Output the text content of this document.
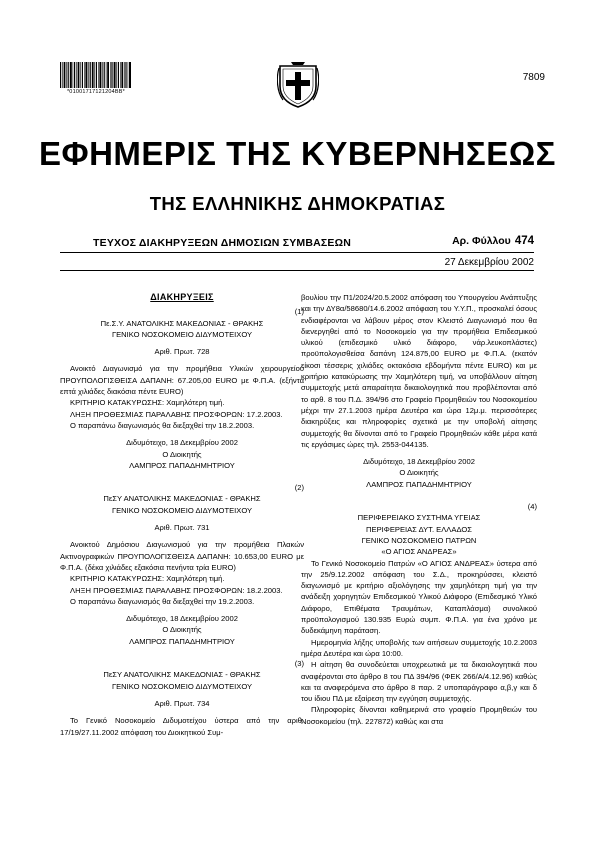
*01001717121204BB*
7809
ΕΦΗΜΕΡΙΣ ΤΗΣ ΚΥΒΕΡΝΗΣΕΩΣ
ΤΗΣ ΕΛΛΗΝΙΚΗΣ ΔΗΜΟΚΡΑΤΙΑΣ
ΤΕΥΧΟΣ ΔΙΑΚΗΡΥΞΕΩΝ ΔΗΜΟΣΙΩΝ ΣΥΜΒΑΣΕΩΝ	Αρ. Φύλλου 474
27 Δεκεμβρίου 2002

ΔΙΑΚΗΡΥΞΕΙΣ

(1)

Πε.Σ.Υ. ΑΝΑΤΟΛΙΚΗΣ ΜΑΚΕΔΟΝΙΑΣ - ΘΡΑΚΗΣ

ΓΕΝΙΚΟ ΝΟΣΟΚΟΜΕΙΟ ΔΙΔΥΜΟΤΕΙΧΟΥ

Αριθ. Πρωτ. 728

Ανοικτό Διαγωνισμό για την προμήθεια Υλικών χειρουργείου ΠΡΟΥΠΟΛΟΓΙΣΘΕΙΣΑ ΔΑΠΑΝΗ: 67.205,00 EURO με Φ.Π.Α. (εξήντα επτά χιλιάδες διακόσια πέντε EURO)

ΚΡΙΤΗΡΙΟ ΚΑΤΑΚΥΡΩΣΗΣ: Χαμηλότερη τιμή.

ΛΗΞΗ ΠΡΟΘΕΣΜΙΑΣ ΠΑΡΑΛΑΒΗΣ ΠΡΟΣΦΟΡΩΝ: 17.2.2003.

Ο παραπάνω διαγωνισμός θα διεξαχθεί την 18.2.2003.

Διδυμότειχο, 18 Δεκεμβρίου 2002

Ο Διοικητής

ΛΑΜΠΡΟΣ ΠΑΠΑΔΗΜΗΤΡΙΟΥ

(2)

ΠεΣΥ ΑΝΑΤΟΛΙΚΗΣ ΜΑΚΕΔΟΝΙΑΣ - ΘΡΑΚΗΣ

ΓΕΝΙΚΟ ΝΟΣΟΚΟΜΕΙΟ ΔΙΔΥΜΟΤΕΙΧΟΥ

Αριθ. Πρωτ. 731

Ανοικτού Δημόσιου Διαγωνισμού για την προμήθεια Πλακών Ακτινογραφικών ΠΡΟΥΠΟΛΟΓΙΣΘΕΙΣΑ ΔΑΠΑΝΗ: 10.653,00 EURO με Φ.Π.Α. (δέκα χιλιάδες εξακόσια πενήντα τρία EURO)

ΚΡΙΤΗΡΙΟ ΚΑΤΑΚΥΡΩΣΗΣ: Χαμηλότερη τιμή.

ΛΗΞΗ ΠΡΟΘΕΣΜΙΑΣ ΠΑΡΑΛΑΒΗΣ ΠΡΟΣΦΟΡΩΝ: 18.2.2003.

Ο παραπάνω διαγωνισμός θα διεξαχθεί την 19.2.2003.

Διδυμότειχο, 18 Δεκεμβρίου 2002

Ο Διοικητής

ΛΑΜΠΡΟΣ ΠΑΠΑΔΗΜΗΤΡΙΟΥ

(3)

ΠεΣΥ ΑΝΑΤΟΛΙΚΗΣ ΜΑΚΕΔΟΝΙΑΣ - ΘΡΑΚΗΣ

ΓΕΝΙΚΟ ΝΟΣΟΚΟΜΕΙΟ ΔΙΔΥΜΟΤΕΙΧΟΥ

Αριθ. Πρωτ. 734

Το Γενικό Νοσοκομείο Διδυμοτείχου ύστερα από την αριθ. 17/19/27.11.2002 απόφαση του Διοικητικού Συμ-

βουλίου την Π1/2024/20.5.2002 απόφαση του Υπουργείου Ανάπτυξης και την ΔΥ8α/58680/14.6.2002 απόφαση του Υ.Υ.Π., προσκαλεί όσους ενδιαφέρονται να λάβουν μέρος στον Κλειστό Διαγωνισμό που θα διενεργηθεί από το Νοσοκομείο για την προμήθεια Επιδεσμικού υλικού (επιδεσμικό υλικό διάφορο, νάρ.λευκοπλάστες) προϋπολογισθείσα δαπάνη 124.875,00 EURO με Φ.Π.Α. (εκατόν είκοσι τέσσερις χιλιάδες οκτακόσια εβδομήντα πέντε EURO) και με κριτήριο κατακύρωσης την Χαμηλότερη τιμή, να υποβάλλουν αίτηση συμμετοχής μετά απαραίτητα δικαιολογητικά που προβλέπονται από το αρθ. 8 του Π.Δ. 394/96 στο Γραφείο Προμηθειών του Νοσοκομείου μέχρι την 27.1.2003 ημέρα Δευτέρα και ώρα 12μ.μ. περισσότερες διακηρύξεις και πληροφορίες σχετικά με την υποβολή αίτησης συμμετοχής θα δίνονται από το Γραφείο Προμηθειών κάθε μέρα κατά τις εργάσιμες ώρες τηλ. 2553-044135.

Διδυμότειχο, 18 Δεκεμβρίου 2002

Ο Διοικητής

ΛΑΜΠΡΟΣ ΠΑΠΑΔΗΜΗΤΡΙΟΥ

(4)

ΠΕΡΙΦΕΡΕΙΑΚΟ ΣΥΣΤΗΜΑ ΥΓΕΙΑΣ

ΠΕΡΙΦΕΡΕΙΑΣ ΔΥΤ. ΕΛΛΑΔΟΣ

ΓΕΝΙΚΟ ΝΟΣΟΚΟΜΕΙΟ ΠΑΤΡΩΝ

«Ο ΑΓΙΟΣ ΑΝΔΡΕΑΣ»

Το Γενικό Νοσοκομείο Πατρών «Ο ΑΓΙΟΣ ΑΝΔΡΕΑΣ» ύστερα από την 25/9.12.2002 απόφαση του Σ.Δ., προκηρύσσει, κλειστό διαγωνισμό με κριτήριο αξιολόγησης την χαμηλότερη τιμή για την ανάδειξη χορηγητών Επιδεσμικού Υλικού Διάφορο (Επιδεσμικό Υλικό Διάφορο, Επιθέματα Τραυμάτων, Καταπλάσμα) συνολικού προϋπολογισμού 130.935 Ευρώ συμπ. Φ.Π.Α. για ένα χρόνο με δυδεκάμηνη παράταση.

Ημερομηνία λήξης υποβολής των αιτήσεων συμμετοχής 10.2.2003 ημέρα Δευτέρα και ώρα 10:00.

Η αίτηση θα συνοδεύεται υποχρεωτικά με τα δικαιολογητικά που αναφέρονται στο άρθρο 8 του ΠΔ 394/96 (ΦΕΚ 266/Α/4.12.96) καθώς και τα αναφερόμενα στο άρθρο 8 παρ. 2 υποπαράγραφο α,β,γ και δ του ίδιου ΠΔ με εξαίρεση την εγγύηση συμμετοχής.

Πληροφορίες δίνονται καθημερινά στο γραφείο Προμηθειών του Νοσοκομείου (τηλ. 227872) καθώς και στα
